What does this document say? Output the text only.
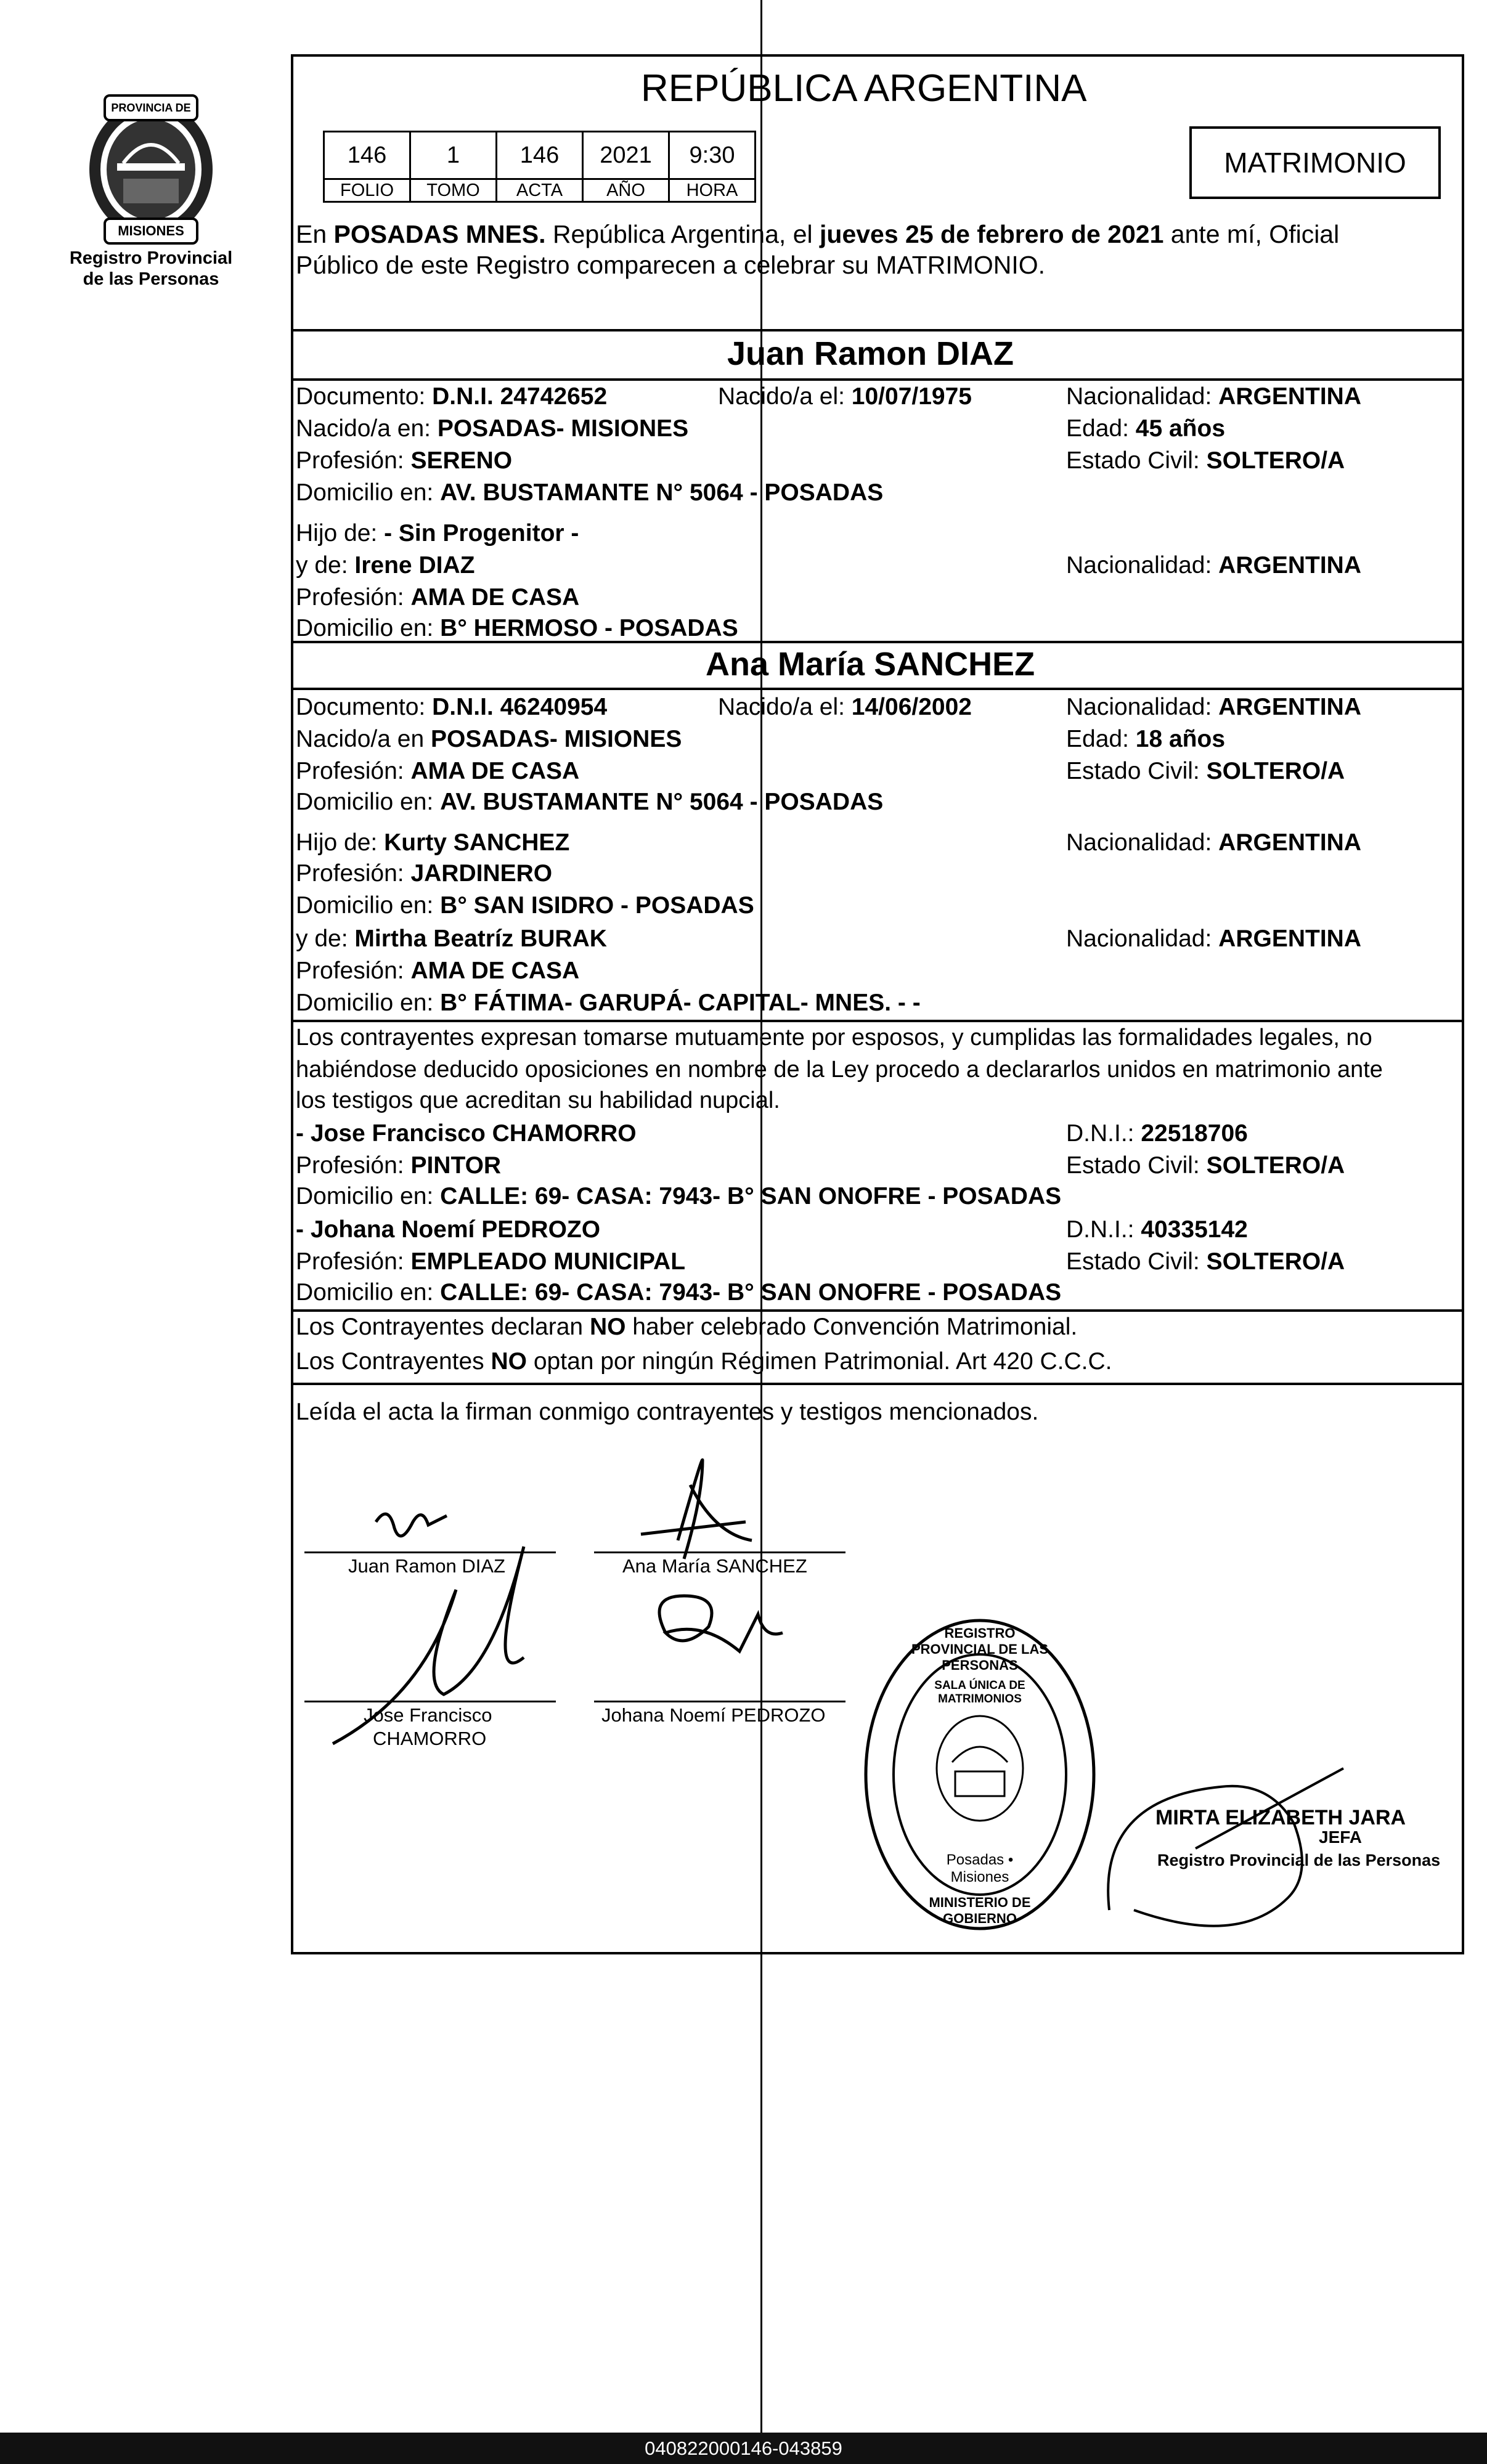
PROVINCIA DE
MISIONES
Registro Provincial
de las Personas
REPÚBLICA ARGENTINA
146	1	146	2021	9:30
FOLIO	TOMO	ACTA	AÑO	HORA
MATRIMONIO
En POSADAS MNES. República Argentina, el jueves 25 de febrero de 2021 ante mí, Oficial
Público de este Registro comparecen a celebrar su MATRIMONIO.
Juan Ramon DIAZ
Documento: D.N.I. 24742652	Nacido/a el: 10/07/1975	Nacionalidad: ARGENTINA
Nacido/a en: POSADAS- MISIONES	Edad: 45 años
Profesión: SERENO	Estado Civil: SOLTERO/A
Domicilio en: AV. BUSTAMANTE N° 5064 - POSADAS
Hijo de: - Sin Progenitor -
y de: Irene DIAZ	Nacionalidad: ARGENTINA
Profesión: AMA DE CASA
Domicilio en: B° HERMOSO - POSADAS
Ana María SANCHEZ
Documento: D.N.I. 46240954	Nacido/a el: 14/06/2002	Nacionalidad: ARGENTINA
Nacido/a en POSADAS- MISIONES	Edad: 18 años
Profesión: AMA DE CASA	Estado Civil: SOLTERO/A
Domicilio en: AV. BUSTAMANTE N° 5064 - POSADAS
Hijo de: Kurty SANCHEZ	Nacionalidad: ARGENTINA
Profesión: JARDINERO
Domicilio en: B° SAN ISIDRO - POSADAS
y de: Mirtha Beatríz BURAK	Nacionalidad: ARGENTINA
Profesión: AMA DE CASA
Domicilio en: B° FÁTIMA- GARUPÁ- CAPITAL- MNES. - -
Los contrayentes expresan tomarse mutuamente por esposos, y cumplidas las formalidades legales, no
habiéndose deducido oposiciones en nombre de la Ley procedo a declararlos unidos en matrimonio ante
los testigos que acreditan su habilidad nupcial.
- Jose Francisco CHAMORRO	D.N.I.: 22518706
Profesión: PINTOR	Estado Civil: SOLTERO/A
Domicilio en: CALLE: 69- CASA: 7943- B° SAN ONOFRE - POSADAS
- Johana Noemí PEDROZO	D.N.I.: 40335142
Profesión: EMPLEADO MUNICIPAL	Estado Civil: SOLTERO/A
Domicilio en: CALLE: 69- CASA: 7943- B° SAN ONOFRE - POSADAS
Los Contrayentes declaran NO haber celebrado Convención Matrimonial.
Los Contrayentes NO optan por ningún Régimen Patrimonial. Art 420 C.C.C.
Leída el acta la firman conmigo contrayentes y testigos mencionados.
Juan Ramon DIAZ	Ana María SANCHEZ
Jose Francisco
CHAMORRO
Johana Noemí PEDROZO
REGISTRO PROVINCIAL DE LAS PERSONAS
SALA ÚNICA DE MATRIMONIOS
Posadas • Misiones
MINISTERIO DE GOBIERNO
MIRTA ELIZABETH JARA
JEFA
Registro Provincial de las Personas
040822000146-043859
